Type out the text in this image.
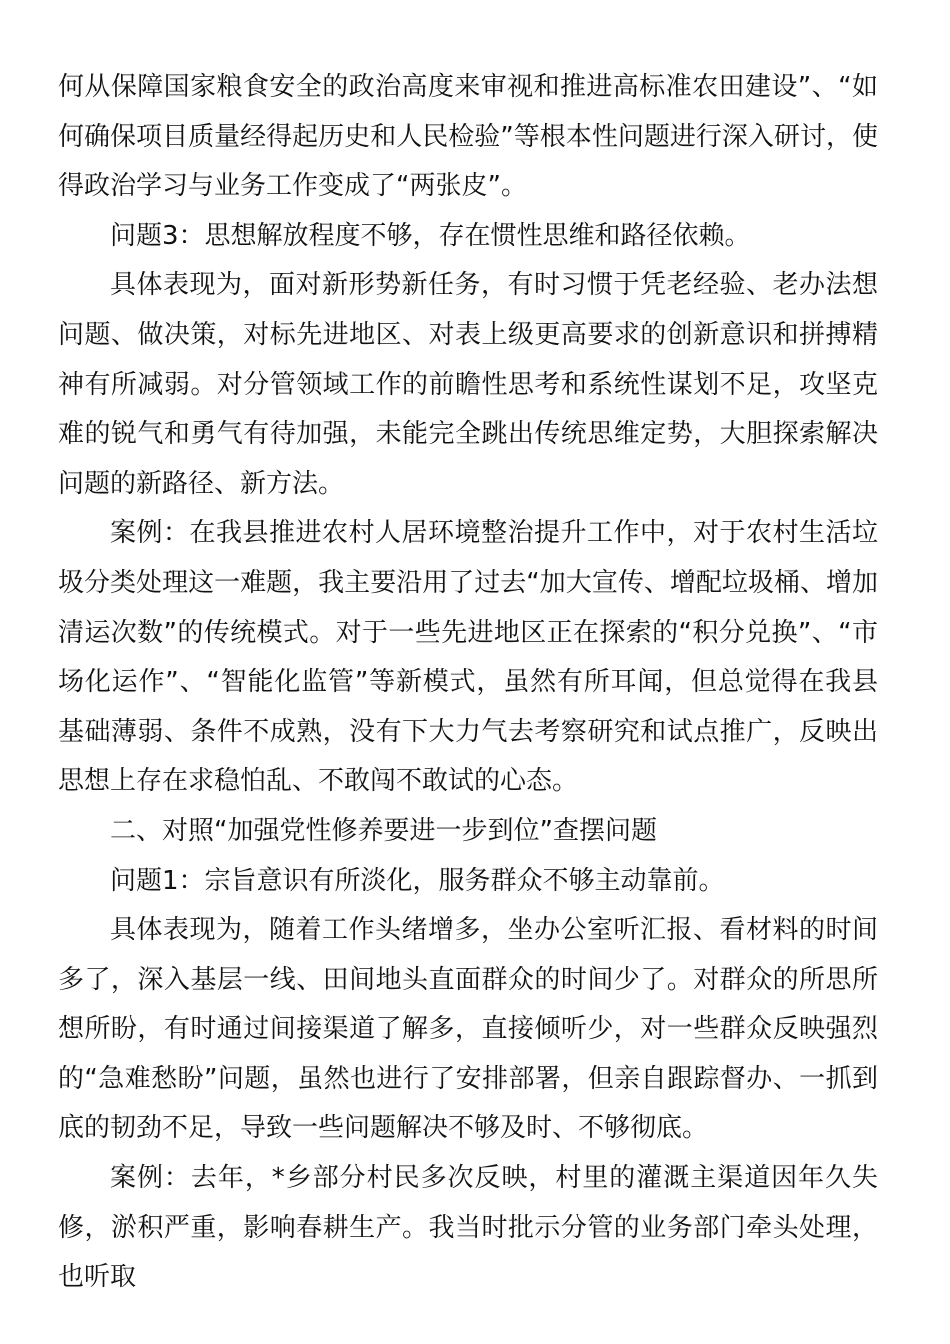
何从保障国家粮食安全的政治高度来审视和推进高标准农田建设”、“如何确保项目质量经得起历史和人民检验”等根本性问题进行深入研讨，使得政治学习与业务工作变成了“两张皮”。

问题3：思想解放程度不够，存在惯性思维和路径依赖。

具体表现为，面对新形势新任务，有时习惯于凭老经验、老办法想问题、做决策，对标先进地区、对表上级更高要求的创新意识和拼搏精神有所减弱。对分管领域工作的前瞻性思考和系统性谋划不足，攻坚克难的锐气和勇气有待加强，未能完全跳出传统思维定势，大胆探索解决问题的新路径、新方法。

案例：在我县推进农村人居环境整治提升工作中，对于农村生活垃圾分类处理这一难题，我主要沿用了过去“加大宣传、增配垃圾桶、增加清运次数”的传统模式。对于一些先进地区正在探索的“积分兑换”、“市场化运作”、“智能化监管”等新模式，虽然有所耳闻，但总觉得在我县基础薄弱、条件不成熟，没有下大力气去考察研究和试点推广，反映出思想上存在求稳怕乱、不敢闯不敢试的心态。

二、对照“加强党性修养要进一步到位”查摆问题

问题1：宗旨意识有所淡化，服务群众不够主动靠前。

具体表现为，随着工作头绪增多，坐办公室听汇报、看材料的时间多了，深入基层一线、田间地头直面群众的时间少了。对群众的所思所想所盼，有时通过间接渠道了解多，直接倾听少，对一些群众反映强烈的“急难愁盼”问题，虽然也进行了安排部署，但亲自跟踪督办、一抓到底的韧劲不足，导致一些问题解决不够及时、不够彻底。

案例：去年，*乡部分村民多次反映，村里的灌溉主渠道因年久失修，淤积严重，影响春耕生产。我当时批示分管的业务部门牵头处理，也听取
